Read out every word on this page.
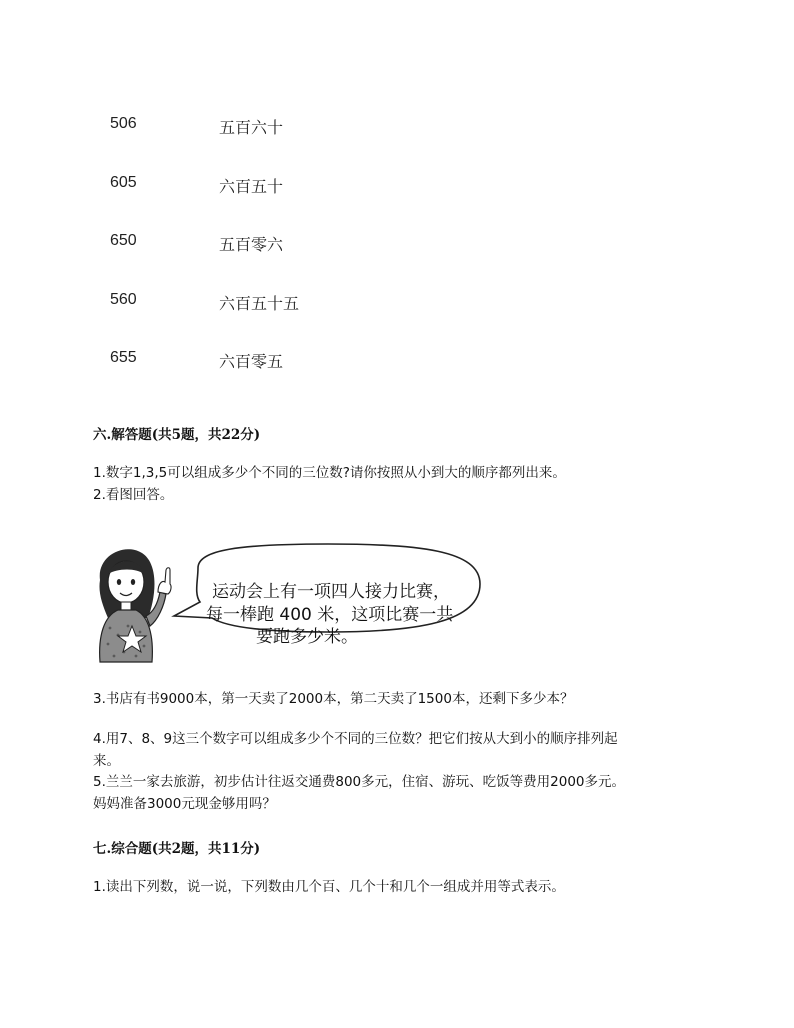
506	五百六十
605	六百五十
650	五百零六
560	六百五十五
655	六百零五
六.解答题(共5题，共22分)
1.数字1,3,5可以组成多少个不同的三位数?请你按照从小到大的顺序都列出来。
2.看图回答。
运动会上有一项四人接力比赛，
每一棒跑 400 米，这项比赛一共
要跑多少米。
3.书店有书9000本，第一天卖了2000本，第二天卖了1500本，还剩下多少本？
4.用7、8、9这三个数字可以组成多少个不同的三位数？把它们按从大到小的顺序排列起
来。
5.兰兰一家去旅游，初步估计往返交通费800多元，住宿、游玩、吃饭等费用2000多元。
妈妈准备3000元现金够用吗？
七.综合题(共2题，共11分)
1.读出下列数，说一说，下列数由几个百、几个十和几个一组成并用等式表示。
